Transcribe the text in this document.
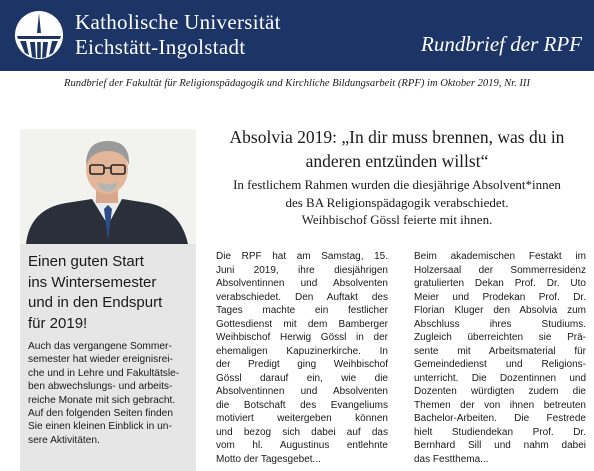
Katholische Universität
Eichstätt-Ingolstadt	Rundbrief der RPF
Rundbrief der Fakultät für Religionspädagogik und Kirchliche Bildungsarbeit (RPF) im Oktober 2019, Nr. III
Einen guten Start
ins Wintersemester
und in den Endspurt
für 2019!
Auch das vergangene Sommer-
semester hat wieder ereignisrei-
che und in Lehre und Fakultätsle-
ben abwechslungs- und arbeits-
reiche Monate mit sich gebracht.
Auf den folgenden Seiten finden
Sie einen kleinen Einblick in un-
sere Aktivitäten.
Absolvia 2019: „In dir muss brennen, was du in
anderen entzünden willst“
In festlichem Rahmen wurden die diesjährige Absolvent*innen
des BA Religionspädagogik verabschiedet.
Weihbischof Gössl feierte mit ihnen.
Die RPF hat am Samstag, 15.
Juni 2019, ihre diesjährigen
Absolventinnen und Absolventen
verabschiedet. Den Auftakt des
Tages machte ein festlicher
Gottesdienst mit dem Bamberger
Weihbischof Herwig Gössl in der
ehemaligen Kapuzinerkirche. In
der Predigt ging Weihbischof
Gössl darauf ein, wie die
Absolventinnen und Absolventen
die Botschaft des Evangeliums
motiviert weitergeben können
und bezog sich dabei auf das
vom hl. Augustinus entlehnte
Motto der Tagesgebet...
Beim akademischen Festakt im
Holzersaal der Sommerresidenz
gratulierten Dekan Prof. Dr. Uto
Meier und Prodekan Prof. Dr.
Florian Kluger den Absolvia zum
Abschluss ihres Studiums.
Zugleich überreichten sie Prä-
sente mit Arbeitsmaterial für
Gemeindedienst und Religions-
unterricht. Die Dozentinnen und
Dozenten würdigten zudem die
Themen der von ihnen betreuten
Bachelor-Arbeiten. Die Festrede
hielt Studiendekan Prof. Dr.
Bernhard Sill und nahm dabei
das Festthema...
